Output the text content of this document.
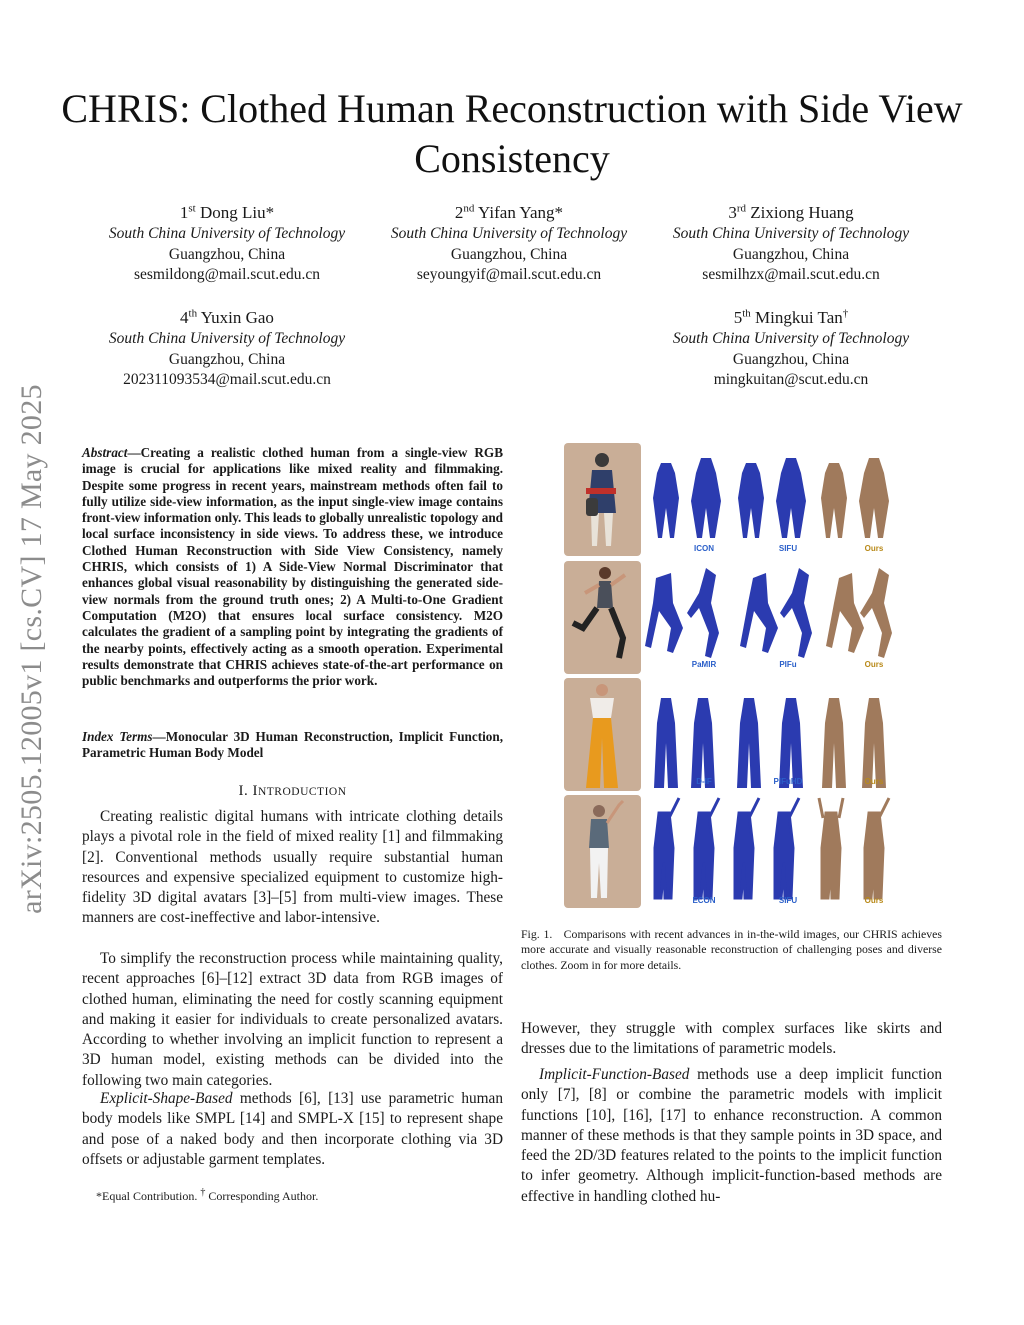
arXiv:2505.12005v1 [cs.CV] 17 May 2025
CHRIS: Clothed Human Reconstruction with Side View Consistency
1st Dong Liu*
South China University of Technology
Guangzhou, China
sesmildong@mail.scut.edu.cn
2nd Yifan Yang*
South China University of Technology
Guangzhou, China
seyoungyif@mail.scut.edu.cn
3rd Zixiong Huang
South China University of Technology
Guangzhou, China
sesmilhzx@mail.scut.edu.cn
4th Yuxin Gao
South China University of Technology
Guangzhou, China
202311093534@mail.scut.edu.cn
5th Mingkui Tan†
South China University of Technology
Guangzhou, China
mingkuitan@scut.edu.cn
Abstract—Creating a realistic clothed human from a single-view RGB image is crucial for applications like mixed reality and filmmaking. Despite some progress in recent years, mainstream methods often fail to fully utilize side-view information, as the input single-view image contains front-view information only. This leads to globally unrealistic topology and local surface inconsistency in side views. To address these, we introduce Clothed Human Reconstruction with Side View Consistency, namely CHRIS, which consists of 1) A Side-View Normal Discriminator that enhances global visual reasonability by distinguishing the generated side-view normals from the ground truth ones; 2) A Multi-to-One Gradient Computation (M2O) that ensures local surface consistency. M2O calculates the gradient of a sampling point by integrating the gradients of the nearby points, effectively acting as a smooth operation. Experimental results demonstrate that CHRIS achieves state-of-the-art performance on public benchmarks and outperforms the prior work.
Index Terms—Monocular 3D Human Reconstruction, Implicit Function, Parametric Human Body Model
I. INTRODUCTION
Creating realistic digital humans with intricate clothing details plays a pivotal role in the field of mixed reality [1] and filmmaking [2]. Conventional methods usually require substantial human resources and expensive specialized equipment to customize high-fidelity 3D digital avatars [3]–[5] from multi-view images. These manners are cost-ineffective and labor-intensive.
To simplify the reconstruction process while maintaining quality, recent approaches [6]–[12] extract 3D data from RGB images of clothed human, eliminating the need for costly scanning equipment and making it easier for individuals to create personalized avatars. According to whether involving an implicit function to represent a 3D human model, existing methods can be divided into the following two main categories.
Explicit-Shape-Based methods [6], [13] use parametric human body models like SMPL [14] and SMPL-X [15] to represent shape and pose of a naked body and then incorporate clothing via 3D offsets or adjustable garment templates.
*Equal Contribution. † Corresponding Author.
ICON	SIFU	Ours
PaMIR	PIFu	Ours
D-IF	PIFuHD	Ours
ECON	SIFU	Ours
Fig. 1. Comparisons with recent advances in in-the-wild images, our CHRIS achieves more accurate and visually reasonable reconstruction of challenging poses and diverse clothes. Zoom in for more details.
However, they struggle with complex surfaces like skirts and dresses due to the limitations of parametric models.
Implicit-Function-Based methods use a deep implicit function only [7], [8] or combine the parametric models with implicit functions [10], [16], [17] to enhance reconstruction. A common manner of these methods is that they sample points in 3D space, and feed the 2D/3D features related to the points to the implicit function to infer geometry. Although implicit-function-based methods are effective in handling clothed hu-
